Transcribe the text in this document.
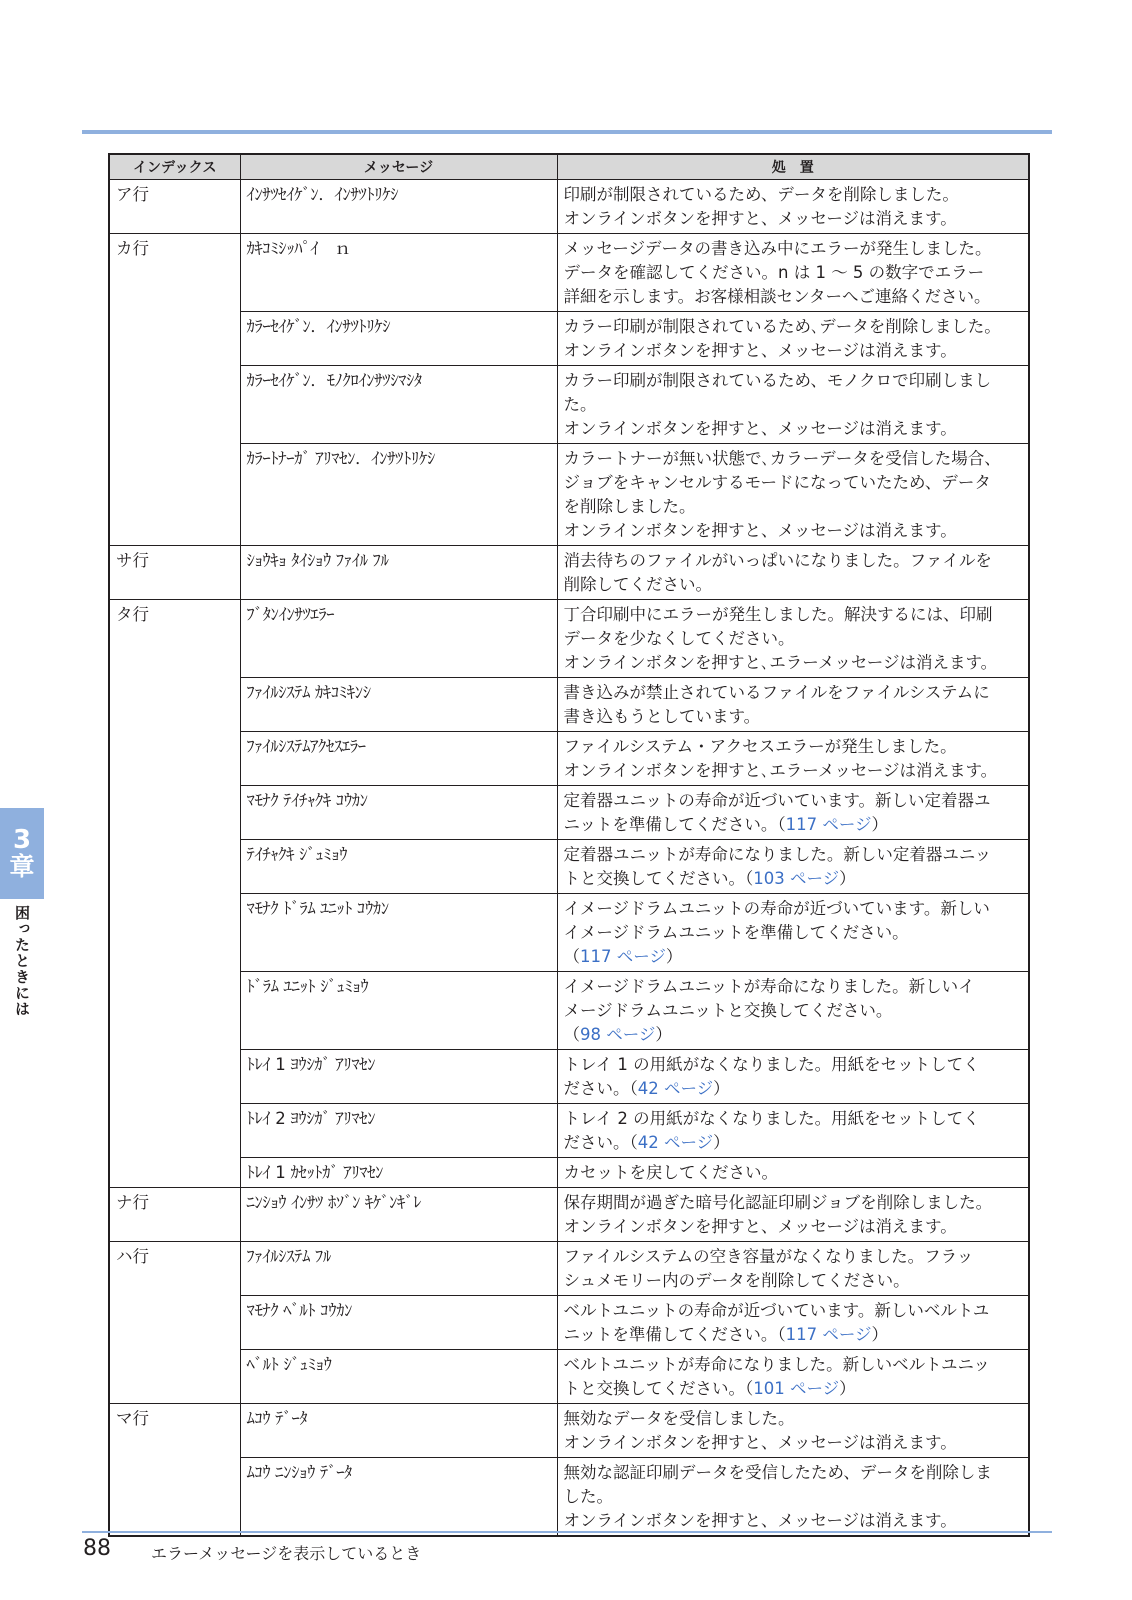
インデックス	メッセージ	処　置
ア行	ｲﾝｻﾂｾｲｹﾞﾝ．ｲﾝｻﾂﾄﾘｹｼ	印刷が制限されているため、データを削除しました。
オンラインボタンを押すと、メッセージは消えます。

カ行	ｶｷｺﾐｼｯﾊﾟｲ　ｎ	メッセージデータの書き込み中にエラーが発生しました。
データを確認してください。n は 1 〜 5 の数字でエラー
詳細を示します。お客様相談センターへご連絡ください。

	ｶﾗｰｾｲｹﾞﾝ．ｲﾝｻﾂﾄﾘｹｼ	カラー印刷が制限されているため､データを削除しました。
オンラインボタンを押すと、メッセージは消えます。

	ｶﾗｰｾｲｹﾞﾝ．ﾓﾉｸﾛｲﾝｻﾂｼﾏｼﾀ	カラー印刷が制限されているため、モノクロで印刷しまし
た。
オンラインボタンを押すと、メッセージは消えます。

	ｶﾗｰﾄﾅｰｶﾞ ｱﾘﾏｾﾝ．ｲﾝｻﾂﾄﾘｹｼ	カラートナーが無い状態で､カラーデータを受信した場合、
ジョブをキャンセルするモードになっていたため、データ
を削除しました。
オンラインボタンを押すと、メッセージは消えます。

サ行	ｼｮｳｷｮ ﾀｲｼｮｳ ﾌｧｲﾙ ﾌﾙ	消去待ちのファイルがいっぱいになりました。ファイルを
削除してください。

タ行	ﾌﾞﾀﾝｲﾝｻﾂｴﾗｰ	丁合印刷中にエラーが発生しました。解決するには、印刷
データを少なくしてください。
オンラインボタンを押すと､エラーメッセージは消えます。

	ﾌｧｲﾙｼｽﾃﾑ ｶｷｺﾐｷﾝｼ	書き込みが禁止されているファイルをファイルシステムに
書き込もうとしています。

	ﾌｧｲﾙｼｽﾃﾑｱｸｾｽｴﾗｰ	ファイルシステム・アクセスエラーが発生しました。
オンラインボタンを押すと､エラーメッセージは消えます。

	ﾏﾓﾅｸ ﾃｲﾁｬｸｷ ｺｳｶﾝ	定着器ユニットの寿命が近づいています。新しい定着器ユ
ニットを準備してください。（117 ページ）

	ﾃｲﾁｬｸｷ ｼﾞｭﾐｮｳ	定着器ユニットが寿命になりました。新しい定着器ユニッ
トと交換してください。（103 ページ）

	ﾏﾓﾅｸ ﾄﾞﾗﾑ ﾕﾆｯﾄ ｺｳｶﾝ	イメージドラムユニットの寿命が近づいています。新しい
イメージドラムユニットを準備してください。
（117 ページ）

	ﾄﾞﾗﾑ ﾕﾆｯﾄ ｼﾞｭﾐｮｳ	イメージドラムユニットが寿命になりました。新しいイ
メージドラムユニットと交換してください。
（98 ページ）

	ﾄﾚｲ 1 ﾖｳｼｶﾞ ｱﾘﾏｾﾝ	トレイ 1 の用紙がなくなりました。用紙をセットしてく
ださい。（42 ページ）

	ﾄﾚｲ 2 ﾖｳｼｶﾞ ｱﾘﾏｾﾝ	トレイ 2 の用紙がなくなりました。用紙をセットしてく
ださい。（42 ページ）

	ﾄﾚｲ 1 ｶｾｯﾄｶﾞ ｱﾘﾏｾﾝ	カセットを戻してください。

ナ行	ﾆﾝｼｮｳ ｲﾝｻﾂ ﾎｿﾞﾝ ｷｹﾞﾝｷﾞﾚ	保存期間が過ぎた暗号化認証印刷ジョブを削除しました。
オンラインボタンを押すと、メッセージは消えます。

ハ行	ﾌｧｲﾙｼｽﾃﾑ ﾌﾙ	ファイルシステムの空き容量がなくなりました。フラッ
シュメモリー内のデータを削除してください。

	ﾏﾓﾅｸ ﾍﾞﾙﾄ ｺｳｶﾝ	ベルトユニットの寿命が近づいています。新しいベルトユ
ニットを準備してください。（117 ページ）

	ﾍﾞﾙﾄ ｼﾞｭﾐｮｳ	ベルトユニットが寿命になりました。新しいベルトユニッ
トと交換してください。（101 ページ）

マ行	ﾑｺｳ ﾃﾞｰﾀ	無効なデータを受信しました。
オンラインボタンを押すと、メッセージは消えます。

	ﾑｺｳ ﾆﾝｼｮｳ ﾃﾞｰﾀ	無効な認証印刷データを受信したため、データを削除しま
した。
オンラインボタンを押すと、メッセージは消えます。
3
章
困ったときには
88	エラーメッセージを表示しているとき
